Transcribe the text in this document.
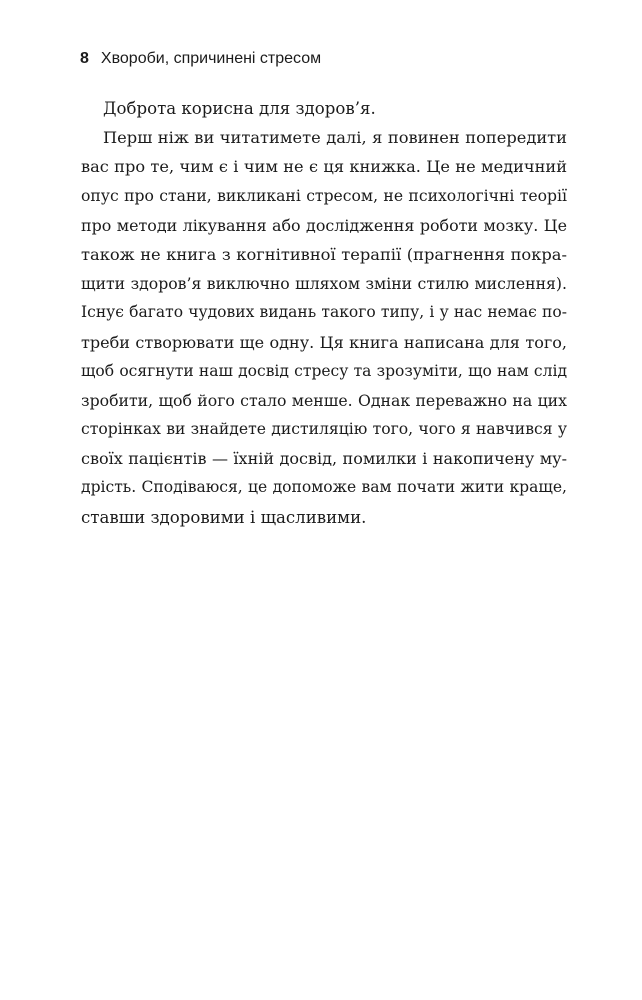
8 Хвороби, спричинені стресом
Доброта корисна для здоров’я.
Перш ніж ви читатимете далі, я повинен попередити
вас про те, чим є і чим не є ця книжка. Це не медичний
опус про стани, викликані стресом, не психологічні теорії
про методи лікування або дослідження роботи мозку. Це
також не книга з когнітивної терапії (прагнення покра-
щити здоров’я виключно шляхом зміни стилю мислення).
Існує багато чудових видань такого типу, і у нас немає по-
треби створювати ще одну. Ця книга написана для того,
щоб осягнути наш досвід стресу та зрозуміти, що нам слід
зробити, щоб його стало менше. Однак переважно на цих
сторінках ви знайдете дистиляцію того, чого я навчився у
своїх пацієнтів — їхній досвід, помилки і накопичену му-
дрість. Сподіваюся, це допоможе вам почати жити краще,
ставши здоровими і щасливими.
